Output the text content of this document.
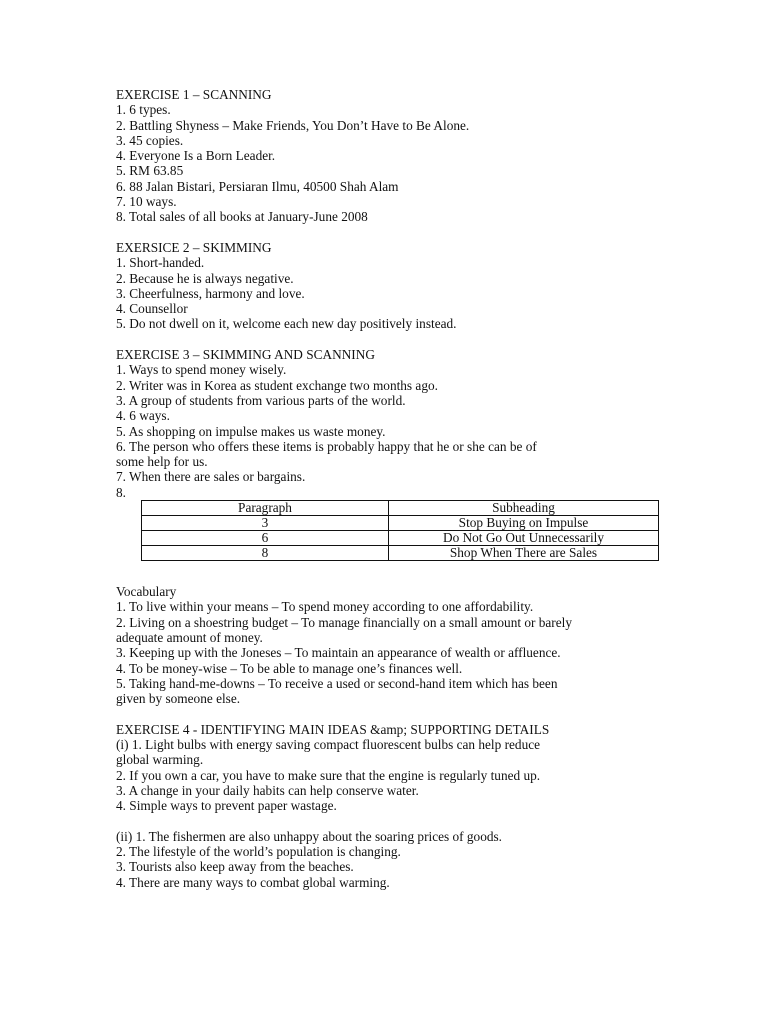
EXERCISE 1 – SCANNING
1. 6 types.
2. Battling Shyness – Make Friends, You Don’t Have to Be Alone.
3. 45 copies.
4. Everyone Is a Born Leader.
5. RM 63.85
6. 88 Jalan Bistari, Persiaran Ilmu, 40500 Shah Alam
7. 10 ways.
8. Total sales of all books at January-June 2008
EXERSICE 2 – SKIMMING
1. Short-handed.
2. Because he is always negative.
3. Cheerfulness, harmony and love.
4. Counsellor
5. Do not dwell on it, welcome each new day positively instead.
EXERCISE 3 – SKIMMING AND SCANNING
1. Ways to spend money wisely.
2. Writer was in Korea as student exchange two months ago.
3. A group of students from various parts of the world.
4. 6 ways.
5. As shopping on impulse makes us waste money.
6. The person who offers these items is probably happy that he or she can be of
some help for us.
7. When there are sales or bargains.
8.
Paragraph	Subheading
3	Stop Buying on Impulse
6	Do Not Go Out Unnecessarily
8	Shop When There are Sales
Vocabulary
1. To live within your means – To spend money according to one affordability.
2. Living on a shoestring budget – To manage financially on a small amount or barely
adequate amount of money.
3. Keeping up with the Joneses – To maintain an appearance of wealth or affluence.
4. To be money-wise – To be able to manage one’s finances well.
5. Taking hand-me-downs – To receive a used or second-hand item which has been
given by someone else.
EXERCISE 4 - IDENTIFYING MAIN IDEAS &amp; SUPPORTING DETAILS
(i) 1. Light bulbs with energy saving compact fluorescent bulbs can help reduce
global warming.
2. If you own a car, you have to make sure that the engine is regularly tuned up.
3. A change in your daily habits can help conserve water.
4. Simple ways to prevent paper wastage.
(ii) 1. The fishermen are also unhappy about the soaring prices of goods.
2. The lifestyle of the world’s population is changing.
3. Tourists also keep away from the beaches.
4. There are many ways to combat global warming.
